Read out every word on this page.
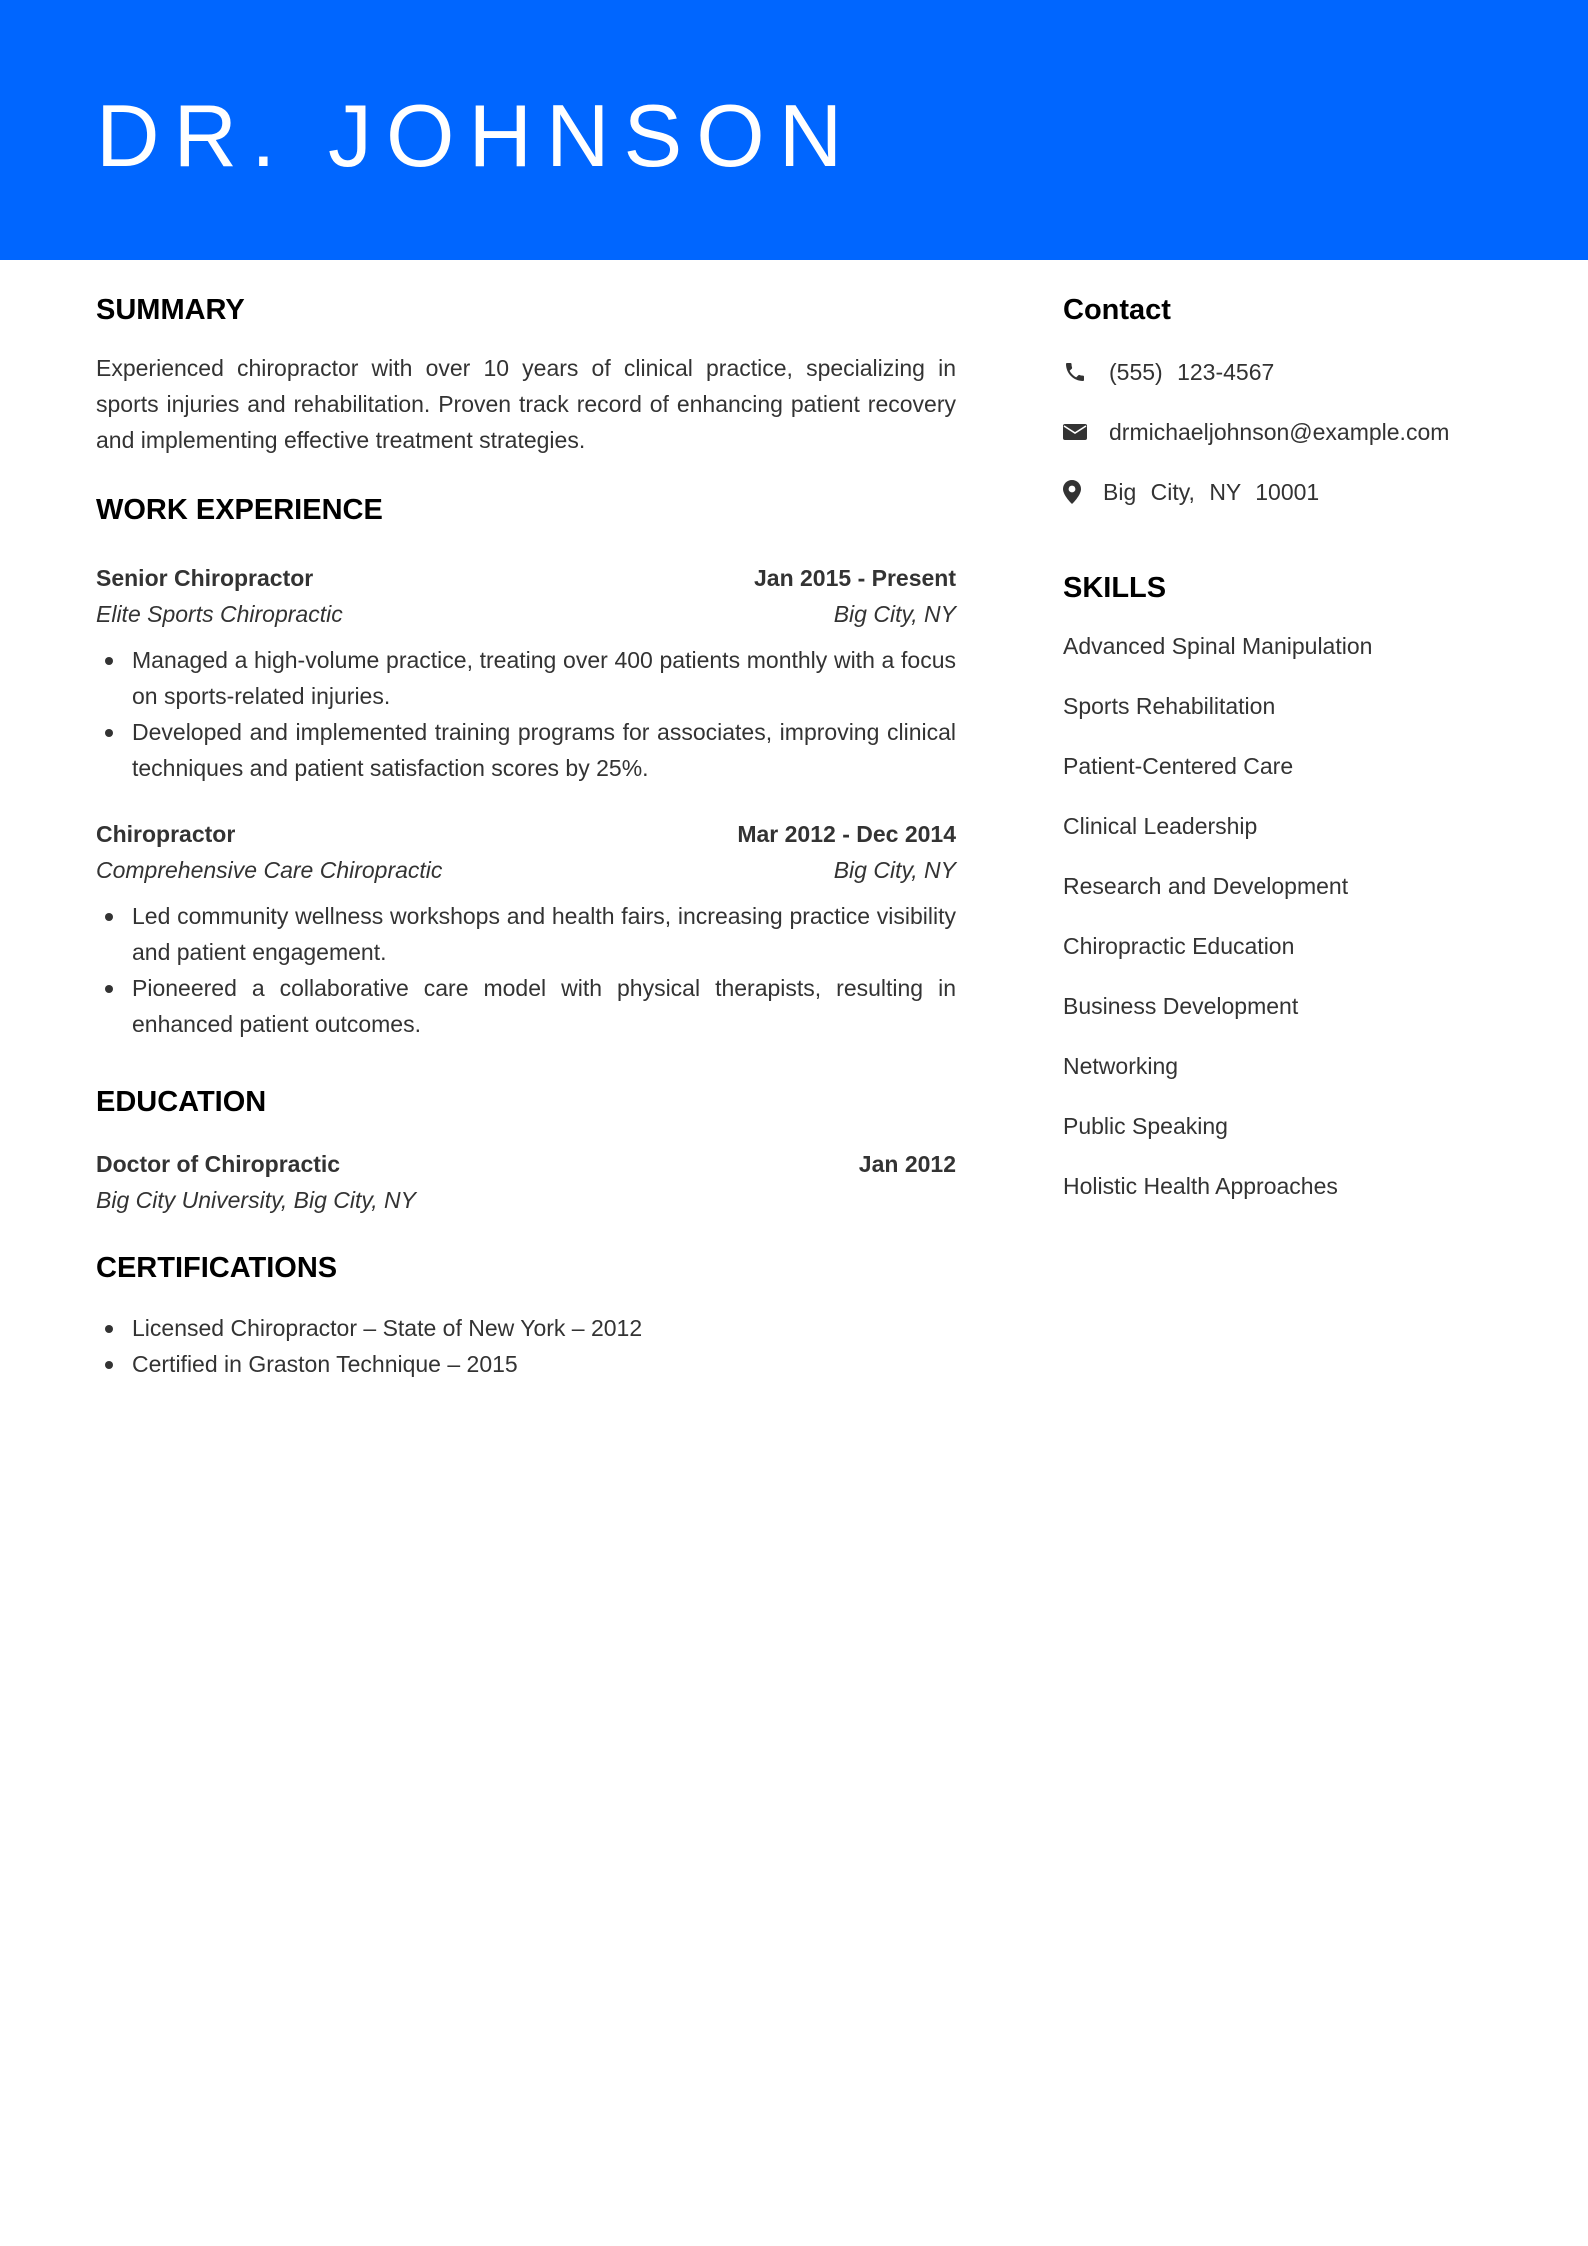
DR. JOHNSON
SUMMARY

Experienced chiropractor with over 10 years of clinical practice, specializing in sports injuries and rehabilitation. Proven track record of enhancing patient recovery and implementing effective treatment strategies.

WORK EXPERIENCE
Senior Chiropractor	Jan 2015 - Present
Elite Sports Chiropractic	Big City, NY
Managed a high-volume practice, treating over 400 patients monthly with a focus on sports-related injuries.
Developed and implemented training programs for associates, improving clinical techniques and patient satisfaction scores by 25%.
Chiropractor	Mar 2012 - Dec 2014
Comprehensive Care Chiropractic	Big City, NY
Led community wellness workshops and health fairs, increasing practice visibility and patient engagement.
Pioneered a collaborative care model with physical therapists, resulting in enhanced patient outcomes.
EDUCATION
Doctor of Chiropractic	Jan 2012
Big City University, Big City, NY
CERTIFICATIONS
Licensed Chiropractor – State of New York – 2012
Certified in Graston Technique – 2015
Contact
(555) 123-4567
drmichaeljohnson@example.com
Big City, NY 10001
SKILLS
Advanced Spinal Manipulation
Sports Rehabilitation
Patient-Centered Care
Clinical Leadership
Research and Development
Chiropractic Education
Business Development
Networking
Public Speaking
Holistic Health Approaches
